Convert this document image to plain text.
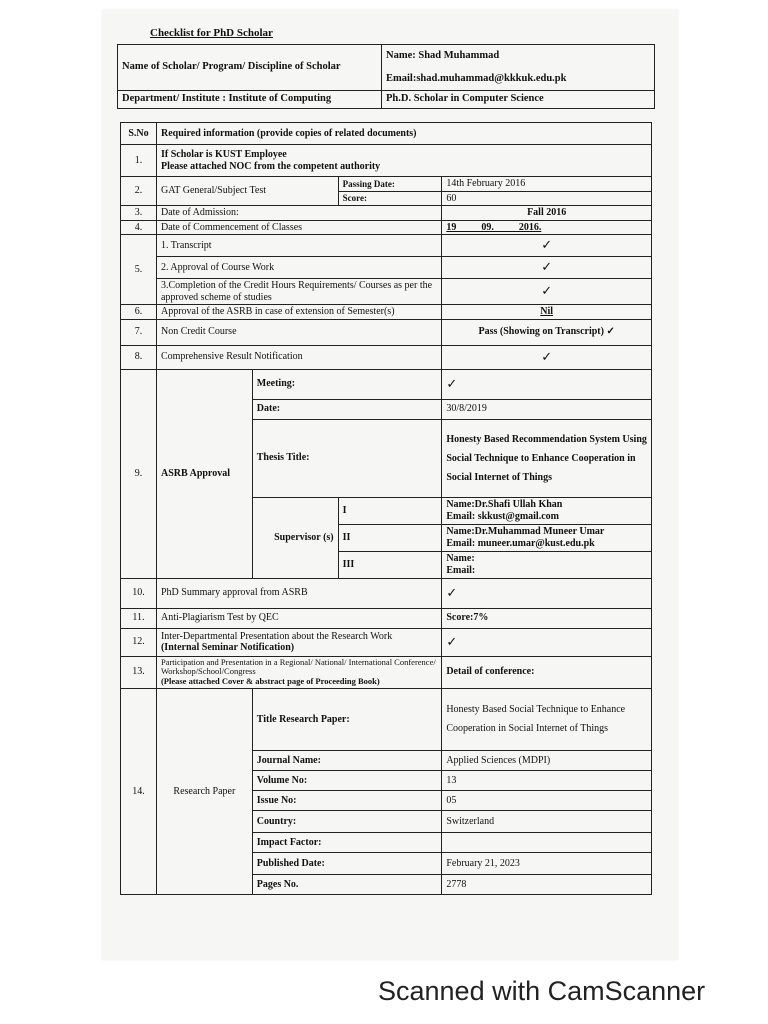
Checklist for PhD Scholar
Name of Scholar/ Program/ Discipline of Scholar	Name: Shad Muhammad
Email:shad.muhammad@kkkuk.edu.pk

Department/ Institute : Institute of Computing	Ph.D. Scholar in Computer Science
S.No	Required information (provide copies of related documents)			
1.	If Scholar is KUST Employee
Please attached NOC from the competent authority			

2.	GAT General/Subject Test		Passing Date:	14th February 2016
			Score:	60
3.	Date of Admission:			Fall 2016
4.	Date of Commencement of Classes			19          09.          2016.
5.	1. Transcript			✓
	2. Approval of Course Work			✓
	3.Completion of the Credit Hours Requirements/ Courses as per the approved scheme of studies			✓
6.	Approval of the ASRB in case of extension of Semester(s)			Nil
7.	Non Credit Course			Pass (Showing on Transcript) ✓
8.	Comprehensive Result Notification			✓
9.	ASRB Approval	Meeting:		✓
		Date:		30/8/2019
		Thesis Title:		Honesty Based Recommendation System Using Social Technique to Enhance Cooperation in Social Internet of Things
		Supervisor (s)	I	Name:Dr.Shafi Ullah Khan
Email: skkust@gmail.com

			II	Name:Dr.Muhammad Muneer Umar
Email: muneer.umar@kust.edu.pk

			III	Name:
Email:

10.	PhD Summary approval from ASRB			✓
11.	Anti-Plagiarism Test by QEC			Score:7%
12.	Inter-Departmental Presentation about the Research Work
(Internal Seminar Notification)			✓
13.	Participation and Presentation in a Regional/ National/ International Conference/ Workshop/School/Congress
(Please attached Cover & abstract page of Proceeding Book)			Detail of conference:
14.	Research Paper	Title Research Paper:		Honesty Based Social Technique to Enhance Cooperation in Social Internet of Things
		Journal Name:		Applied Sciences (MDPI)
		Volume No:		13
		Issue No:		05
		Country:		Switzerland
		Impact Factor:		
		Published Date:		February 21, 2023
		Pages No.		2778
Scanned with CamScanner
